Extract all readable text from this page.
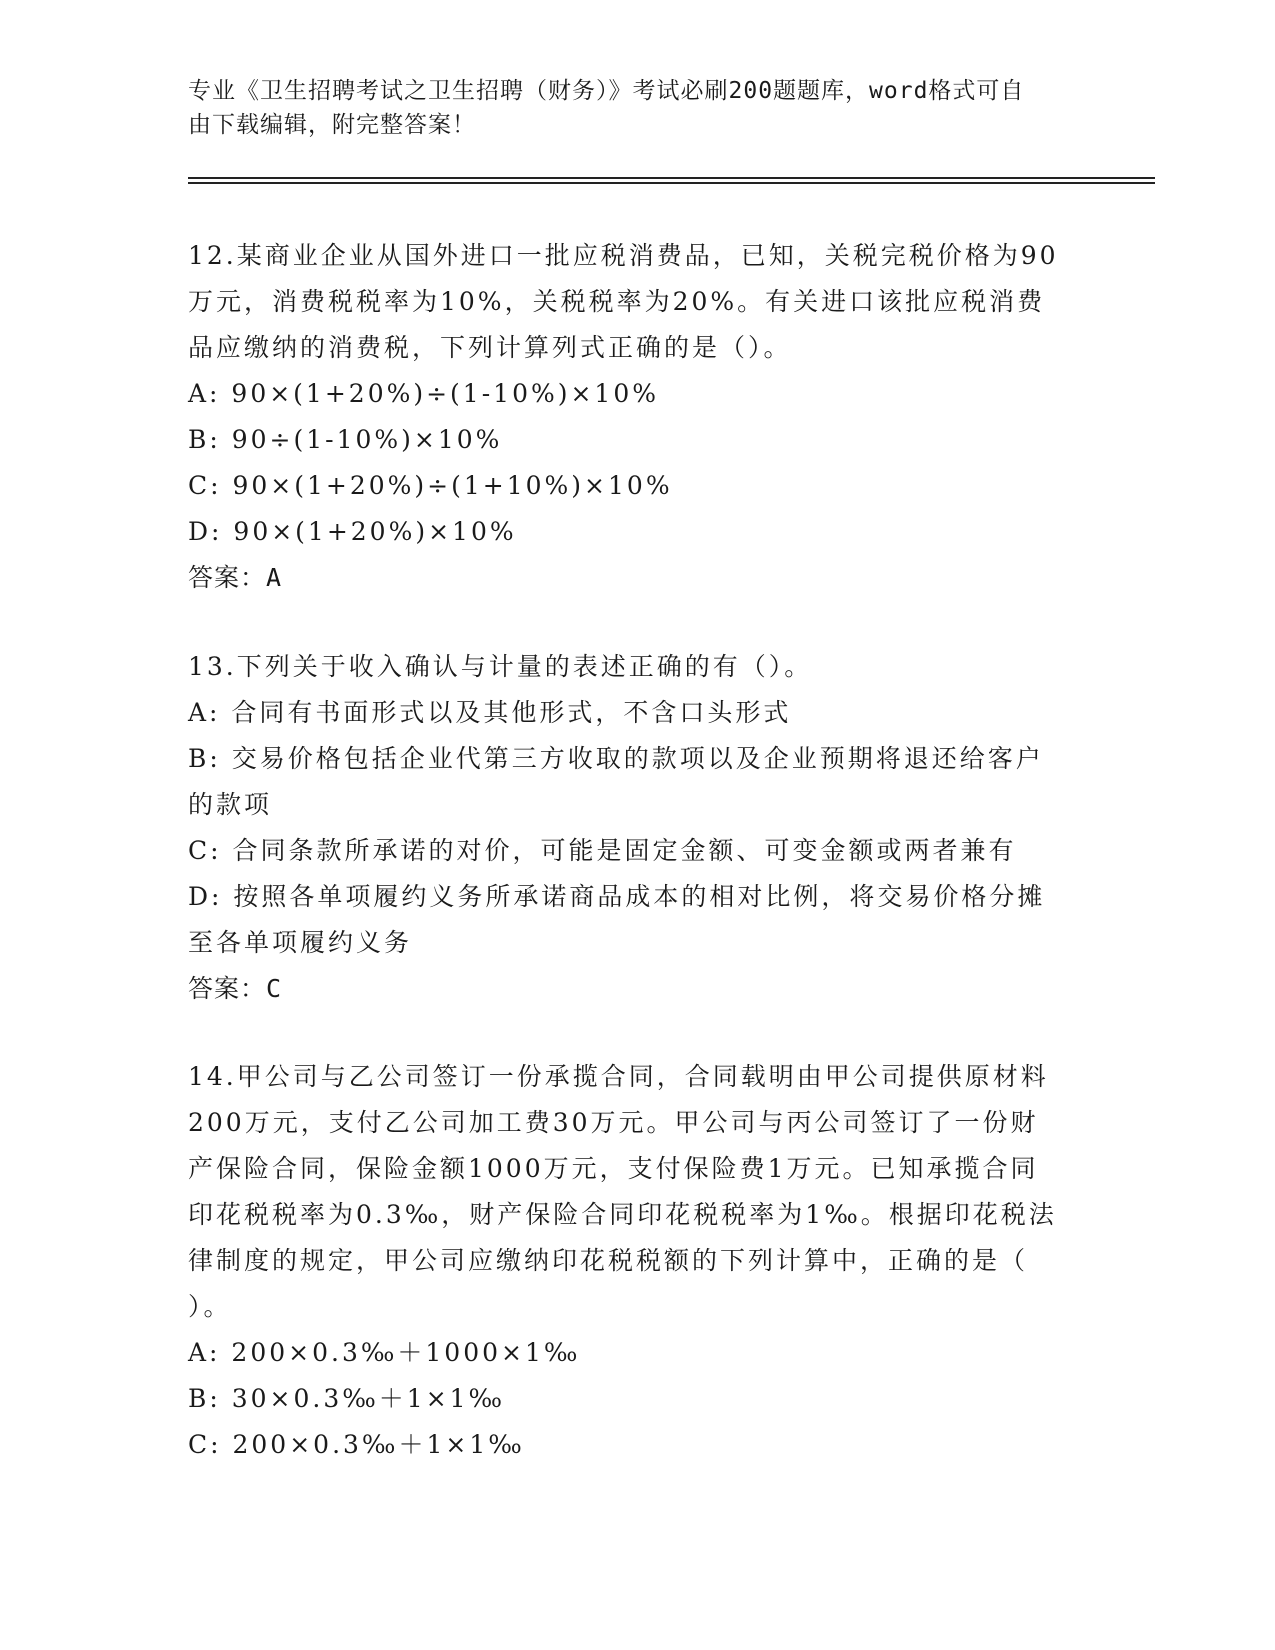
专业《卫生招聘考试之卫生招聘（财务）》考试必刷200题题库，word格式可自
由下载编辑，附完整答案！

12.某商业企业从国外进口一批应税消费品，已知，关税完税价格为90

万元，消费税税率为10%，关税税率为20%。有关进口该批应税消费

品应缴纳的消费税，下列计算列式正确的是（）。

A: 90×(1+20%)÷(1-10%)×10%

B: 90÷(1-10%)×10%

C: 90×(1+20%)÷(1+10%)×10%

D: 90×(1+20%)×10%

答案：A

13.下列关于收入确认与计量的表述正确的有（）。

A: 合同有书面形式以及其他形式，不含口头形式

B: 交易价格包括企业代第三方收取的款项以及企业预期将退还给客户

的款项

C: 合同条款所承诺的对价，可能是固定金额、可变金额或两者兼有

D: 按照各单项履约义务所承诺商品成本的相对比例，将交易价格分摊

至各单项履约义务

答案：C

14.甲公司与乙公司签订一份承揽合同，合同载明由甲公司提供原材料

200万元，支付乙公司加工费30万元。甲公司与丙公司签订了一份财

产保险合同，保险金额1000万元，支付保险费1万元。已知承揽合同

印花税税率为0.3‰，财产保险合同印花税税率为1‰。根据印花税法

律制度的规定，甲公司应缴纳印花税税额的下列计算中，正确的是（

）。

A: 200×0.3‰＋1000×1‰

B: 30×0.3‰＋1×1‰

C: 200×0.3‰＋1×1‰
